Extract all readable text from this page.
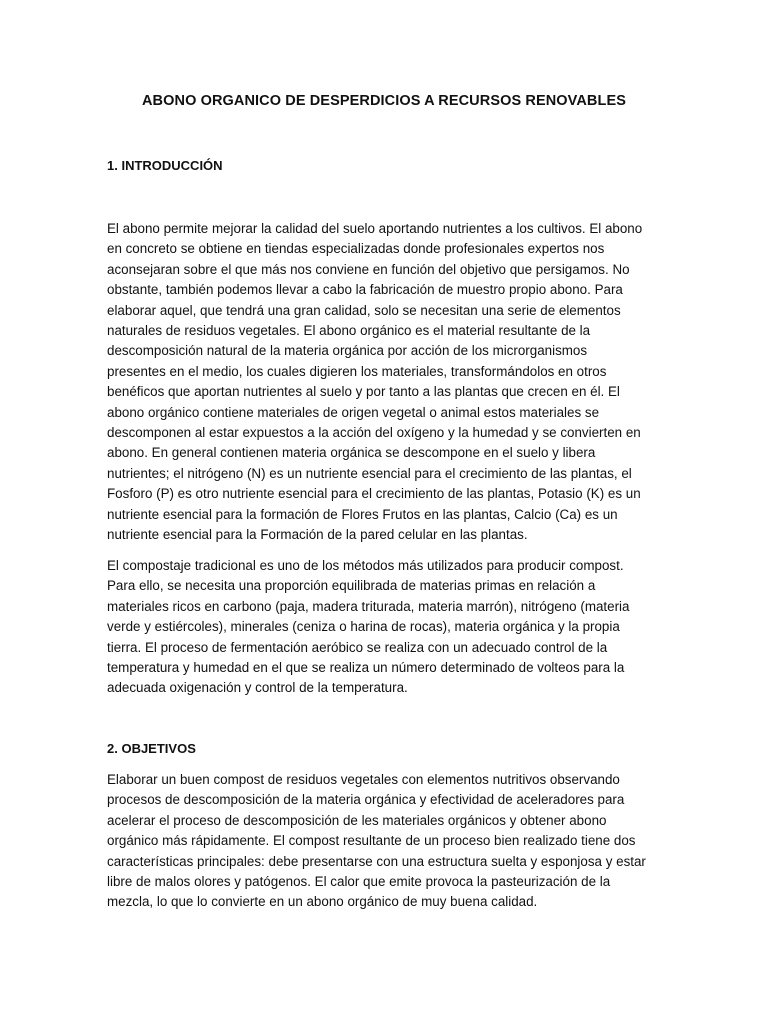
ABONO ORGANICO DE DESPERDICIOS A RECURSOS RENOVABLES
1. INTRODUCCIÓN
El abono permite mejorar la calidad del suelo aportando nutrientes a los cultivos. El abono
en concreto se obtiene en tiendas especializadas donde profesionales expertos nos
aconsejaran sobre el que más nos conviene en función del objetivo que persigamos. No
obstante, también podemos llevar a cabo la fabricación de muestro propio abono. Para
elaborar aquel, que tendrá una gran calidad, solo se necesitan una serie de elementos
naturales de residuos vegetales. El abono orgánico es el material resultante de la
descomposición natural de la materia orgánica por acción de los microrganismos
presentes en el medio, los cuales digieren los materiales, transformándolos en otros
benéficos que aportan nutrientes al suelo y por tanto a las plantas que crecen en él. El
abono orgánico contiene materiales de origen vegetal o animal estos materiales se
descomponen al estar expuestos a la acción del oxígeno y la humedad y se convierten en
abono. En general contienen materia orgánica se descompone en el suelo y libera
nutrientes; el nitrógeno (N) es un nutriente esencial para el crecimiento de las plantas, el
Fosforo (P) es otro nutriente esencial para el crecimiento de las plantas, Potasio (K) es un
nutriente esencial para la formación de Flores Frutos en las plantas, Calcio (Ca) es un
nutriente esencial para la Formación de la pared celular en las plantas.
El compostaje tradicional es uno de los métodos más utilizados para producir compost.
Para ello, se necesita una proporción equilibrada de materias primas en relación a
materiales ricos en carbono (paja, madera triturada, materia marrón), nitrógeno (materia
verde y estiércoles), minerales (ceniza o harina de rocas), materia orgánica y la propia
tierra. El proceso de fermentación aeróbico se realiza con un adecuado control de la
temperatura y humedad en el que se realiza un número determinado de volteos para la
adecuada oxigenación y control de la temperatura.
2. OBJETIVOS
Elaborar un buen compost de residuos vegetales con elementos nutritivos observando
procesos de descomposición de la materia orgánica y efectividad de aceleradores para
acelerar el proceso de descomposición de les materiales orgánicos y obtener abono
orgánico más rápidamente. El compost resultante de un proceso bien realizado tiene dos
características principales: debe presentarse con una estructura suelta y esponjosa y estar
libre de malos olores y patógenos. El calor que emite provoca la pasteurización de la
mezcla, lo que lo convierte en un abono orgánico de muy buena calidad.
